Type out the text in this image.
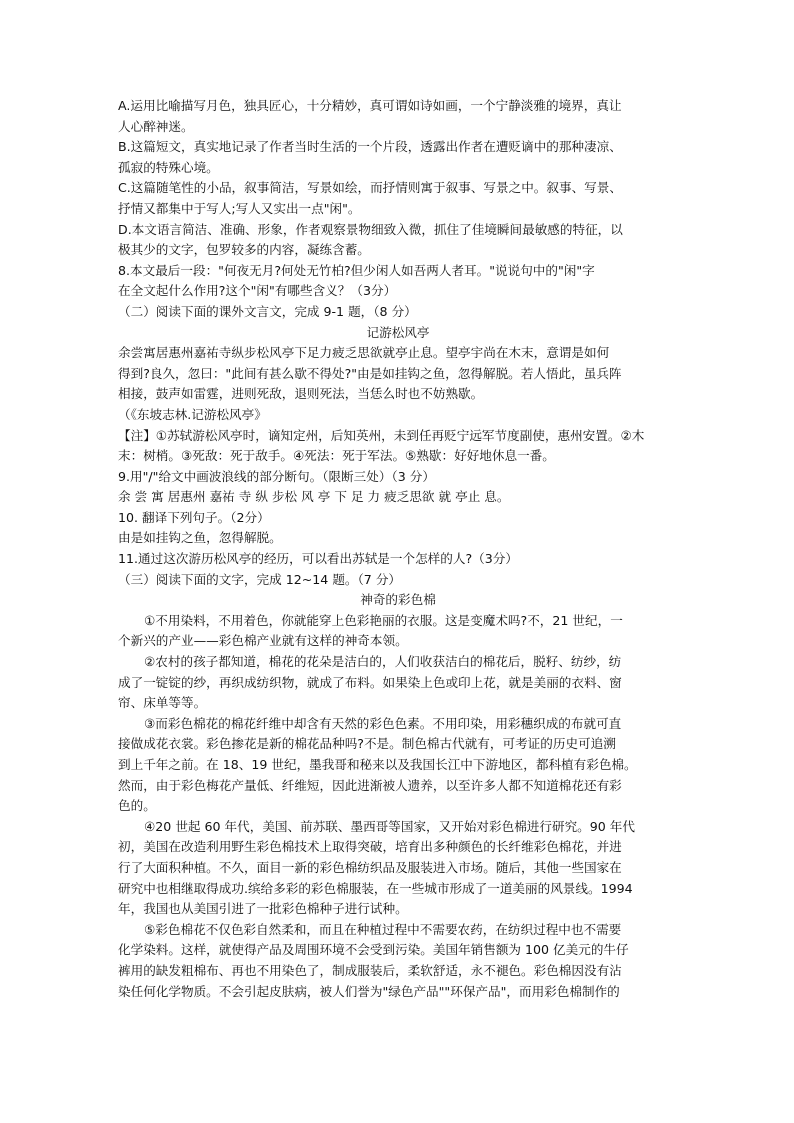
A.运用比喻描写月色，独具匠心，十分精妙，真可谓如诗如画，一个宁静淡雅的境界，真让
人心醉神迷。

B.这篇短文，真实地记录了作者当时生活的一个片段，透露出作者在遭贬谪中的那种凄凉、
孤寂的特殊心境。

C.这篇随笔性的小品，叙事简洁，写景如绘，而抒情则寓于叙事、写景之中。叙事、写景、
抒情又都集中于写人;写人又实出一点"闲"。

D.本文语言简洁、准确、形象，作者观察景物细致入微，抓住了佳境瞬间最敏感的特征，以
极其少的文字，包罗较多的内容，凝练含蓄。

8.本文最后一段："何夜无月?何处无竹柏?但少闲人如吾两人者耳。"说说句中的"闲"字
在全文起什么作用?这个"闲"有哪些含义？（3分）

（二）阅读下面的课外文言文，完成 9-1 题，（8 分）

记游松风亭

余尝寓居惠州嘉祐寺纵步松风亭下足力疲乏思欲就亭止息。望亭宇尚在木末，意谓是如何
得到?良久，忽曰："此间有甚么歇不得处?"由是如挂钩之鱼，忽得解脱。若人悟此，虽兵阵
相接，鼓声如雷霆，进则死敌，退则死法，当恁么时也不妨熟歇。

（《东坡志林.记游松风亭》

【注】①苏轼游松风亭时，谪知定州，后知英州，未到任再贬宁远军节度副使，惠州安置。②木
末：树梢。③死敌：死于敌手。④死法：死于军法。⑤熟歇：好好地休息一番。

9.用"/"给文中画波浪线的部分断句。（限断三处）（3 分）

余 尝 寓 居惠州 嘉祐 寺 纵 步松 风 亭 下 足 力 疲乏思欲 就 亭止 息。

10. 翻译下列句子。（2分）

由是如挂钩之鱼，忽得解脱。

11.通过这次游历松风亭的经历，可以看出苏轼是一个怎样的人?（3分）

（三）阅读下面的文字，完成 12~14 题。（7 分）

神奇的彩色棉

①不用染料，不用着色，你就能穿上色彩艳丽的衣服。这是变魔术吗?不，21 世纪，一
个新兴的产业——彩色棉产业就有这样的神奇本领。

②农村的孩子都知道，棉花的花朵是洁白的，人们收获洁白的棉花后，脱籽、纺纱，纺
成了一锭锭的纱，再织成纺织物，就成了布料。如果染上色或印上花，就是美丽的衣料、窗
帘、床单等等。

③而彩色棉花的棉花纤维中却含有天然的彩色色素。不用印染，用彩穗织成的布就可直
接做成花衣裳。彩色掺花是新的棉花品种吗?不是。制色棉古代就有，可考证的历史可追溯
到上千年之前。在 18、19 世纪，墨我哥和秘来以及我国长江中下游地区，都科植有彩色棉。
然而，由于彩色梅花产量低、纤维短，因此进渐被人遗养，以至许多人都不知道棉花还有彩
色的。

④20 世起 60 年代，美国、前苏联、墨西哥等国家，又开始对彩色棉进行研究。90 年代
初，美国在改造利用野生彩色棉技术上取得突破，培育出多种颜色的长纤维彩色棉花，并进
行了大面积种植。不久，面目一新的彩色棉纺织品及服装进入市场。随后，其他一些国家在
研究中也相继取得成功.缤给多彩的彩色棉服装，在一些城市形成了一道美丽的风景线。1994
年，我国也从美国引进了一批彩色棉种子进行试种。

⑤彩色棉花不仅色彩自然柔和，而且在种植过程中不需要农药，在纺织过程中也不需要
化学染料。这样，就使得产品及周围环境不会受到污染。美国年销售额为 100 亿美元的牛仔
裤用的缺发粗棉布、再也不用染色了，制成服装后，柔软舒适，永不褪色。彩色棉因没有沾
染任何化学物质。不会引起皮肤病，被人们誉为"绿色产品""环保产品"，而用彩色棉制作的
